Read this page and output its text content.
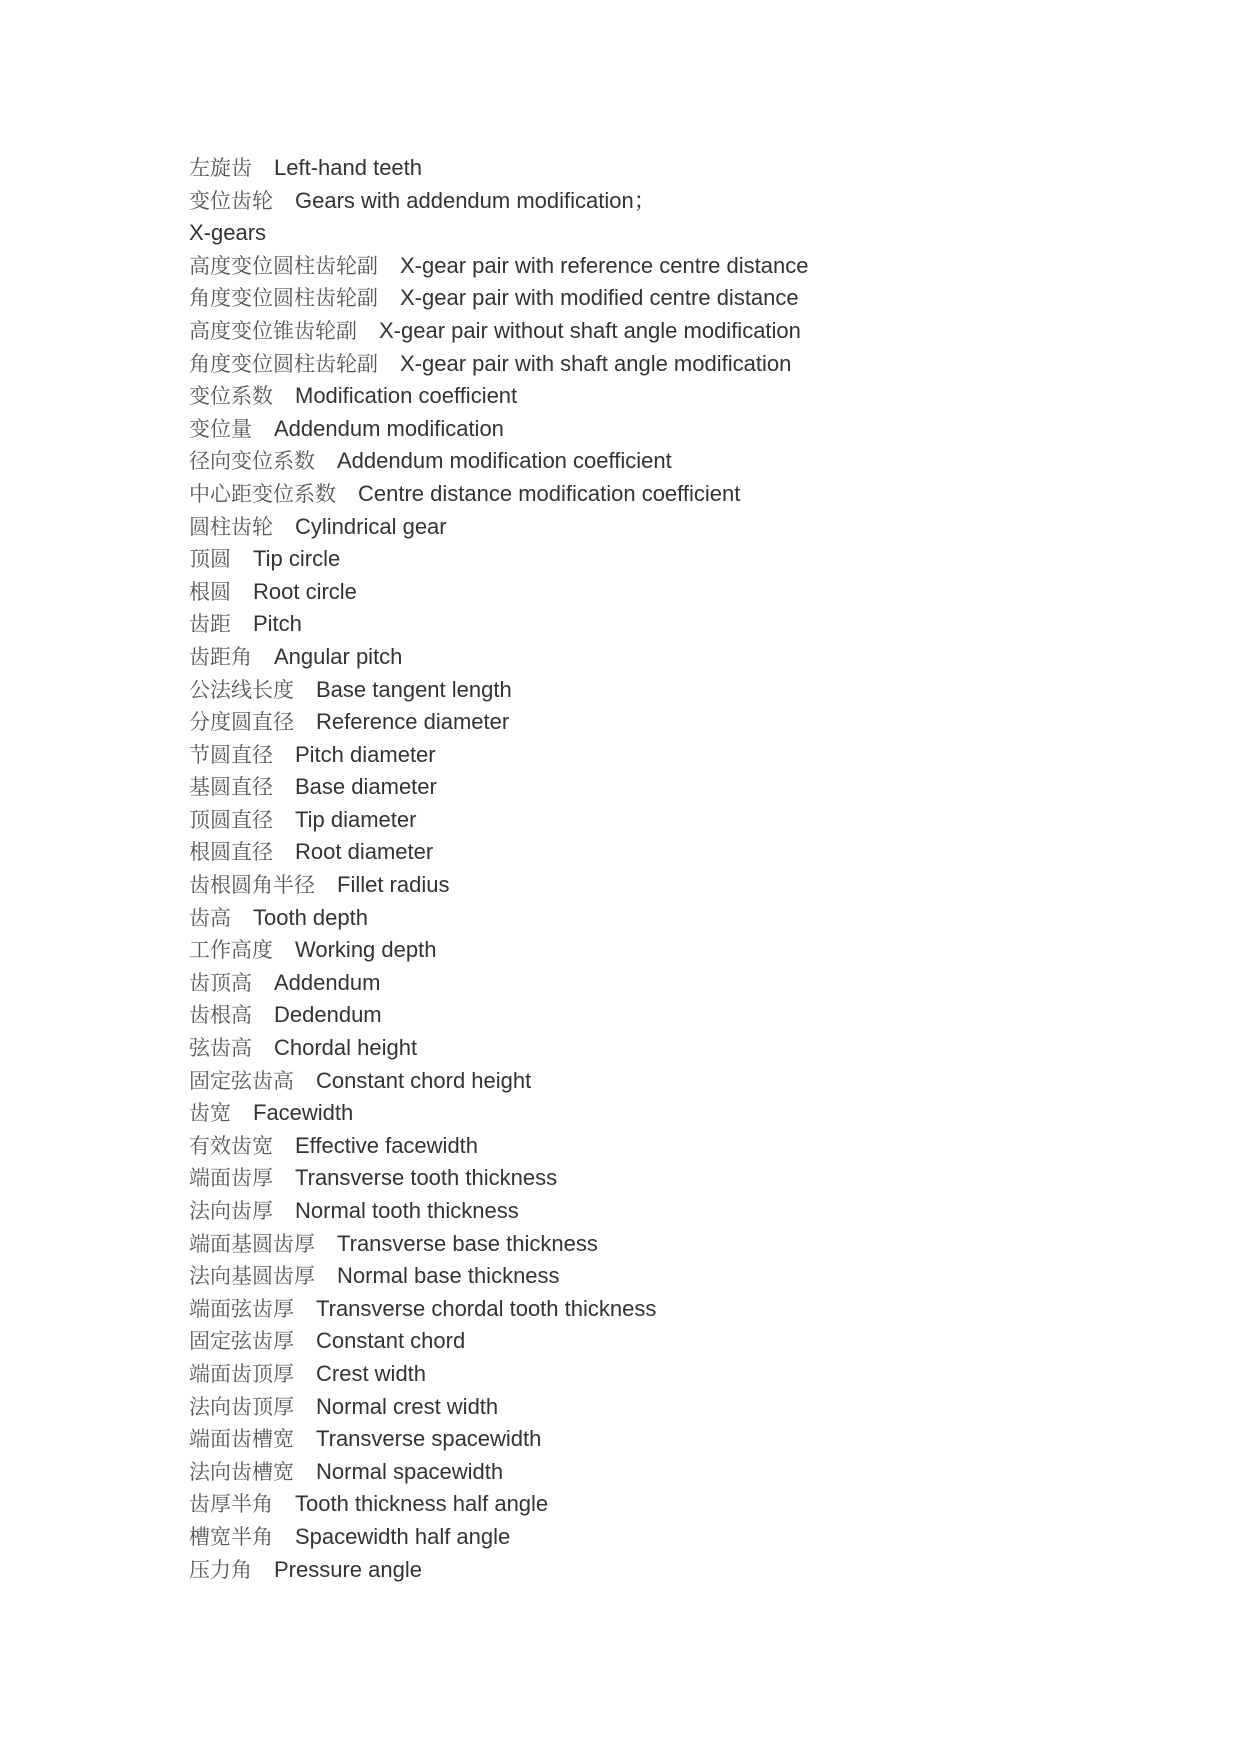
左旋齿 Left-hand teeth
变位齿轮 Gears with addendum modification；
X-gears
高度变位圆柱齿轮副 X-gear pair with reference centre distance
角度变位圆柱齿轮副 X-gear pair with modified centre distance
高度变位锥齿轮副 X-gear pair without shaft angle modification
角度变位圆柱齿轮副 X-gear pair with shaft angle modification
变位系数 Modification coefficient
变位量 Addendum modification
径向变位系数 Addendum modification coefficient
中心距变位系数 Centre distance modification coefficient
圆柱齿轮 Cylindrical gear
顶圆 Tip circle
根圆 Root circle
齿距 Pitch
齿距角 Angular pitch
公法线长度 Base tangent length
分度圆直径 Reference diameter
节圆直径 Pitch diameter
基圆直径 Base diameter
顶圆直径 Tip diameter
根圆直径 Root diameter
齿根圆角半径 Fillet radius
齿高 Tooth depth
工作高度 Working depth
齿顶高 Addendum
齿根高 Dedendum
弦齿高 Chordal height
固定弦齿高 Constant chord height
齿宽 Facewidth
有效齿宽 Effective facewidth
端面齿厚 Transverse tooth thickness
法向齿厚 Normal tooth thickness
端面基圆齿厚 Transverse base thickness
法向基圆齿厚 Normal base thickness
端面弦齿厚 Transverse chordal tooth thickness
固定弦齿厚 Constant chord
端面齿顶厚 Crest width
法向齿顶厚 Normal crest width
端面齿槽宽 Transverse spacewidth
法向齿槽宽 Normal spacewidth
齿厚半角 Tooth thickness half angle
槽宽半角 Spacewidth half angle
压力角 Pressure angle
